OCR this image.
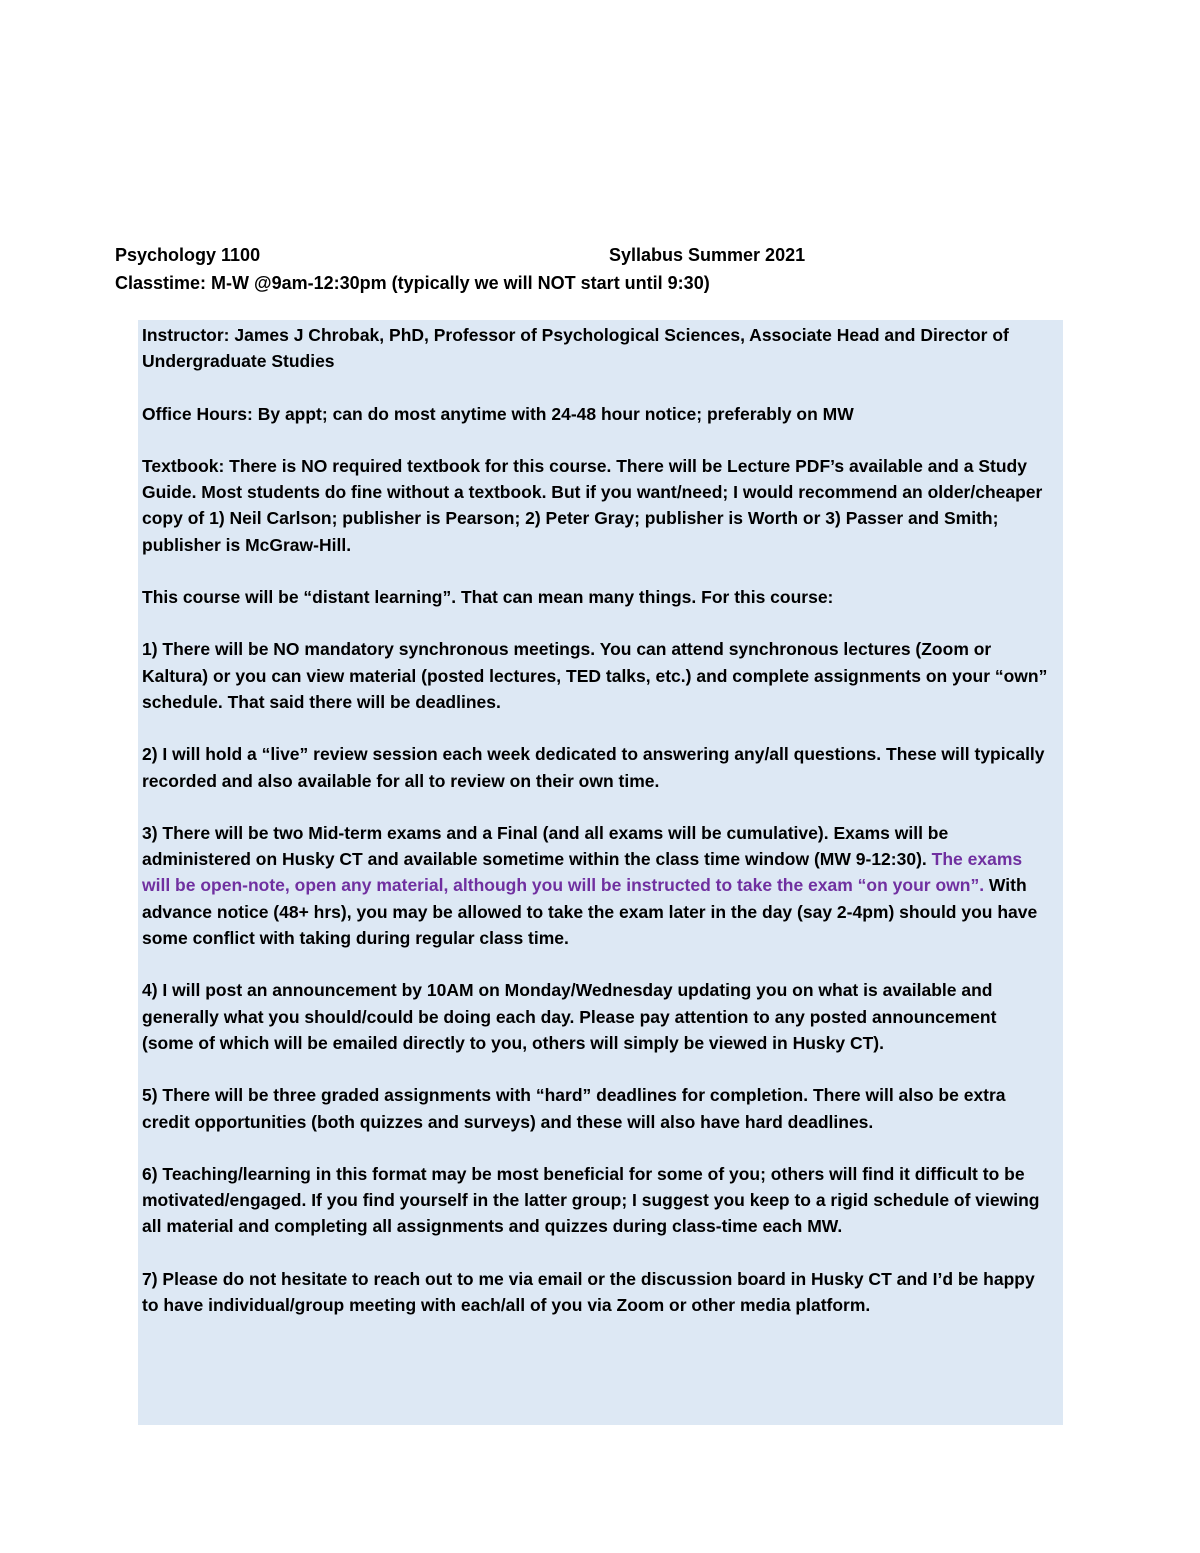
Psychology 1100	Syllabus Summer 2021
Classtime: M-W @9am-12:30pm (typically we will NOT start until 9:30)

Instructor: James J Chrobak, PhD, Professor of Psychological Sciences, Associate Head and Director of Undergraduate Studies

Office Hours: By appt; can do most anytime with 24-48 hour notice; preferably on MW

Textbook: There is NO required textbook for this course. There will be Lecture PDF’s available and a Study Guide. Most students do fine without a textbook. But if you want/need; I would recommend an older/cheaper copy of 1) Neil Carlson; publisher is Pearson; 2) Peter Gray; publisher is Worth or 3) Passer and Smith; publisher is McGraw-Hill.

This course will be “distant learning”. That can mean many things. For this course:

1) There will be NO mandatory synchronous meetings. You can attend synchronous lectures (Zoom or Kaltura) or you can view material (posted lectures, TED talks, etc.) and complete assignments on your “own” schedule. That said there will be deadlines.

2) I will hold a “live” review session each week dedicated to answering any/all questions. These will typically recorded and also available for all to review on their own time.

3) There will be two Mid-term exams and a Final (and all exams will be cumulative). Exams will be administered on Husky CT and available sometime within the class time window (MW 9-12:30). The exams will be open-note, open any material, although you will be instructed to take the exam “on your own”. With advance notice (48+ hrs), you may be allowed to take the exam later in the day (say 2-4pm) should you have some conflict with taking during regular class time.

4) I will post an announcement by 10AM on Monday/Wednesday updating you on what is available and generally what you should/could be doing each day. Please pay attention to any posted announcement (some of which will be emailed directly to you, others will simply be viewed in Husky CT).

5) There will be three graded assignments with “hard” deadlines for completion. There will also be extra credit opportunities (both quizzes and surveys) and these will also have hard deadlines.

6) Teaching/learning in this format may be most beneficial for some of you; others will find it difficult to be motivated/engaged. If you find yourself in the latter group; I suggest you keep to a rigid schedule of viewing all material and completing all assignments and quizzes during class-time each MW.

7) Please do not hesitate to reach out to me via email or the discussion board in Husky CT and I’d be happy to have individual/group meeting with each/all of you via Zoom or other media platform.
